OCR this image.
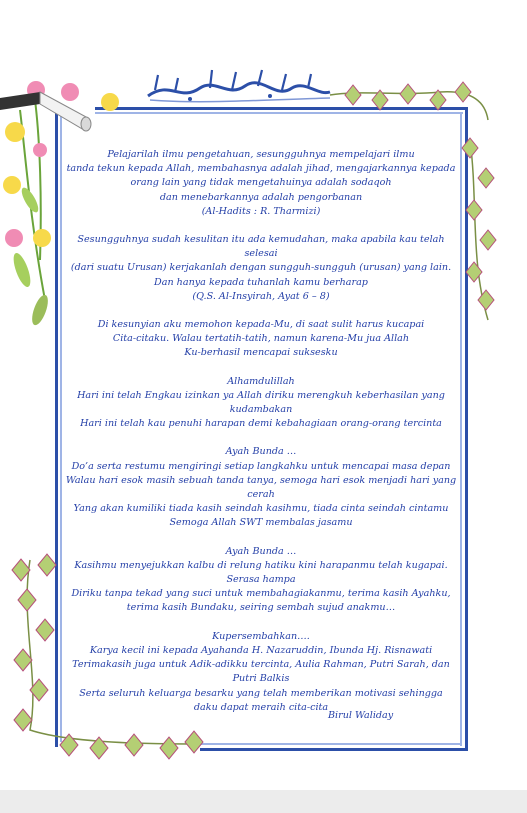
Pelajarilah ilmu pengetahuan, sesungguhnya mempelajari ilmu
tanda tekun kepada Allah, membahasnya adalah jihad, mengajarkannya kepada
orang lain yang tidak mengetahuinya adalah sodaqoh
dan menebarkannya adalah pengorbanan
(Al-Hadits : R. Tharmizi)

Sesungguhnya sudah kesulitan itu ada kemudahan, maka apabila kau telah selesai
(dari suatu Urusan) kerjakanlah dengan sungguh-sungguh (urusan) yang lain.
Dan hanya kepada tuhanlah kamu berharap
(Q.S. Al-Insyirah, Ayat 6 – 8)

Di kesunyian aku memohon kepada-Mu, di saat sulit harus kucapai
Cita-citaku. Walau tertatih-tatih, namun karena-Mu jua Allah
Ku-berhasil mencapai suksesku

Alhamdulillah
Hari ini telah Engkau izinkan ya Allah diriku merengkuh keberhasilan yang kudambakan
Hari ini telah kau penuhi harapan demi kebahagiaan orang-orang tercinta

Ayah Bunda …
Do’a serta restumu mengiringi setiap langkahku untuk mencapai masa depan
Walau hari esok masih sebuah tanda tanya, semoga hari esok menjadi hari yang cerah
Yang akan kumiliki tiada kasih seindah kasihmu, tiada cinta seindah cintamu
Semoga Allah SWT membalas jasamu

Ayah Bunda …
Kasihmu menyejukkan kalbu di relung hatiku kini harapanmu telah kugapai. Serasa hampa
Diriku tanpa tekad yang suci untuk membahagiakanmu, terima kasih Ayahku,
terima kasih Bundaku, seiring sembah sujud anakmu…

Kupersembahkan….
Karya kecil ini kepada Ayahanda H. Nazaruddin, Ibunda Hj. Risnawati
Terimakasih juga untuk Adik-adikku tercinta, Aulia Rahman, Putri Sarah, dan Putri Balkis
Serta seluruh keluarga besarku yang telah memberikan motivasi sehingga
daku dapat meraih cita-cita

Birul Waliday
